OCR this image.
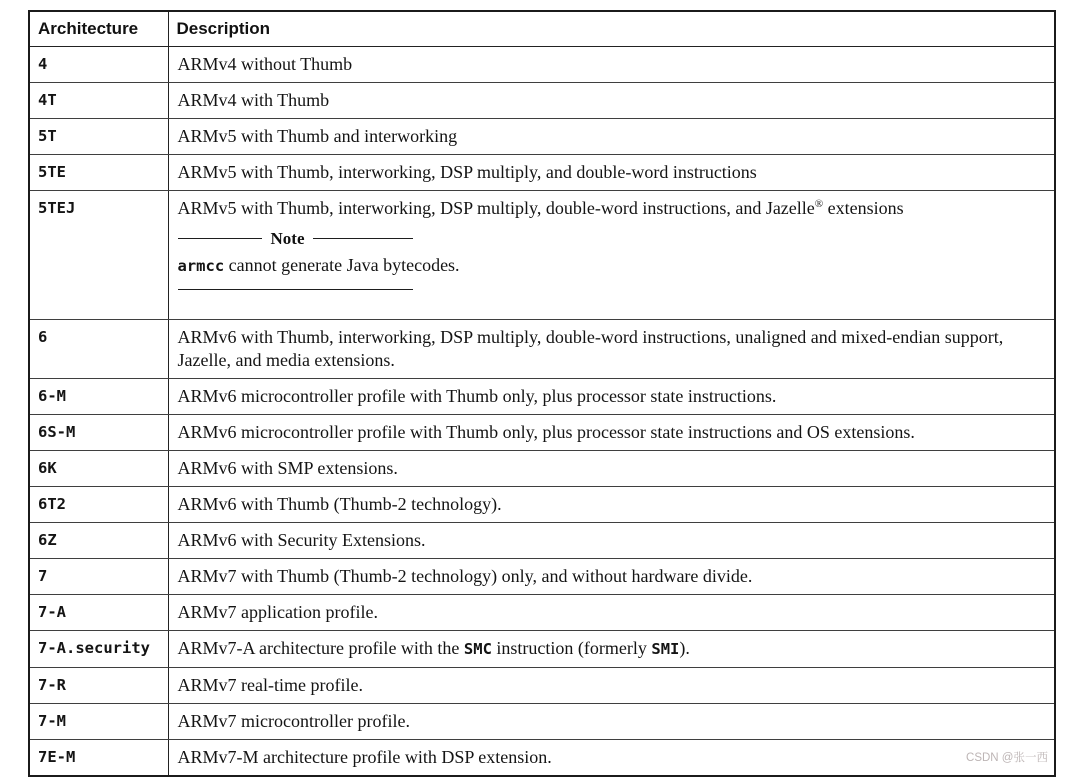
Architecture	Description
4	ARMv4 without Thumb

4T	ARMv4 with Thumb

5T	ARMv5 with Thumb and interworking

5TE	ARMv5 with Thumb, interworking, DSP multiply, and double-word instructions

5TEJ	ARMv5 with Thumb, interworking, DSP multiply, double-word instructions, and Jazelle® extensions
Note
armcc cannot generate Java bytecodes.

6	ARMv6 with Thumb, interworking, DSP multiply, double-word instructions, unaligned and mixed-endian support, Jazelle, and media extensions.

6-M	ARMv6 microcontroller profile with Thumb only, plus processor state instructions.

6S-M	ARMv6 microcontroller profile with Thumb only, plus processor state instructions and OS extensions.

6K	ARMv6 with SMP extensions.

6T2	ARMv6 with Thumb (Thumb-2 technology).

6Z	ARMv6 with Security Extensions.

7	ARMv7 with Thumb (Thumb-2 technology) only, and without hardware divide.

7-A	ARMv7 application profile.

7-A.security	ARMv7-A architecture profile with the SMC instruction (formerly SMI).

7-R	ARMv7 real-time profile.

7-M	ARMv7 microcontroller profile.

7E-M	ARMv7-M architecture profile with DSP extension.	CSDN @张一西
